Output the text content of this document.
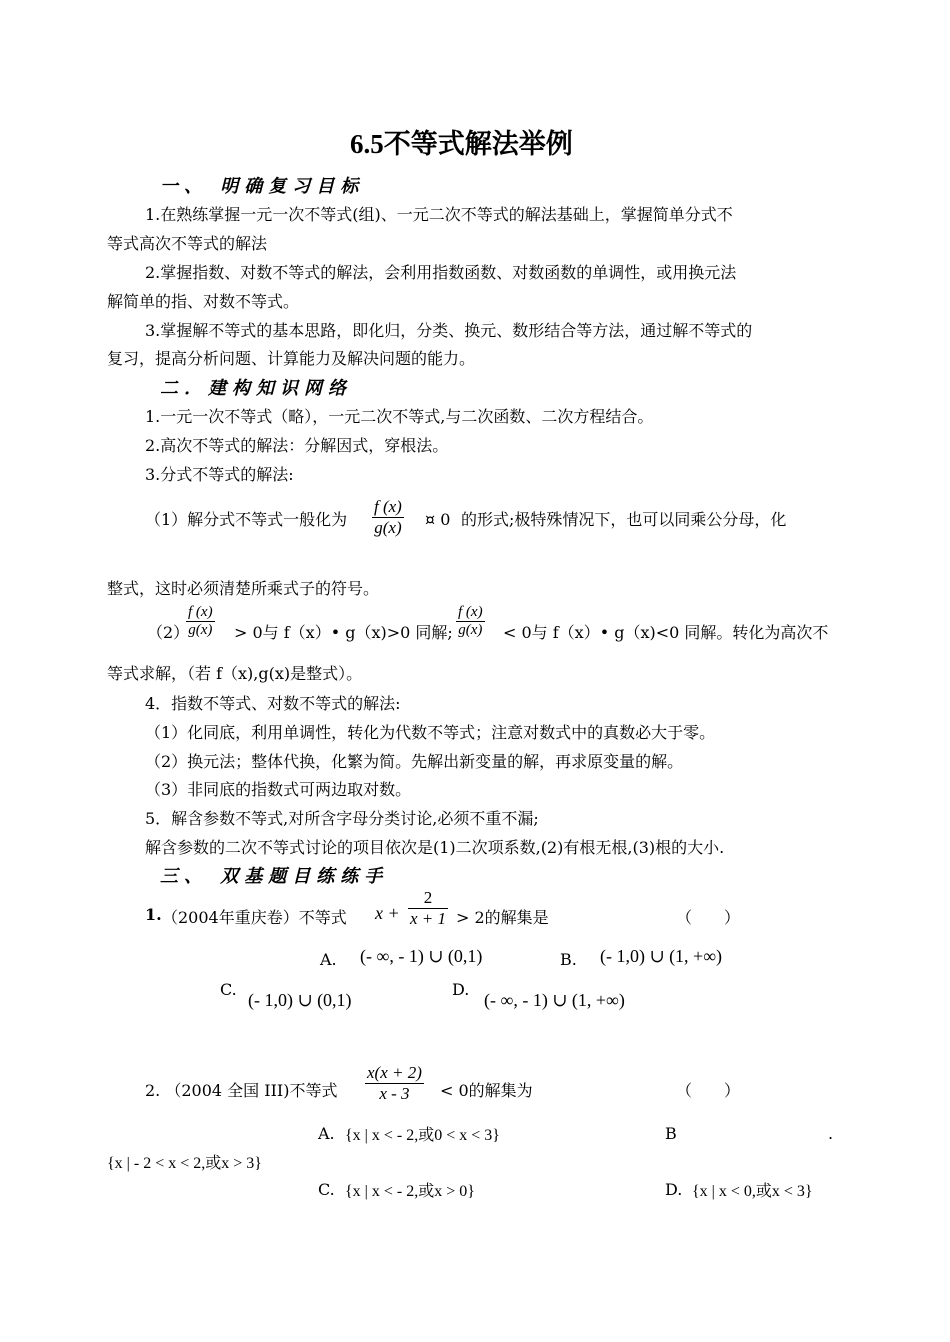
6.5不等式解法举例
一、 明确复习目标
1.在熟练掌握一元一次不等式(组)、一元二次不等式的解法基础上，掌握简单分式不
等式高次不等式的解法
2.掌握指数、对数不等式的解法，会利用指数函数、对数函数的单调性，或用换元法
解简单的指、对数不等式。
3.掌握解不等式的基本思路，即化归，分类、换元、数形结合等方法，通过解不等式的
复习，提高分析问题、计算能力及解决问题的能力。
二．建构知识网络
1.一元一次不等式（略），一元二次不等式,与二次函数、二次方程结合。
2.高次不等式的解法：分解因式，穿根法。
3.分式不等式的解法:
（1）解分式不等式一般化为
f (x)
g(x) ¤ 0 的形式;极特殊情况下，也可以同乘公分母，化
整式，这时必须清楚所乘式子的符号。
（2）
f (x)
g(x) > 0与 f（x）• g（x)>0 同解;
f (x)
g(x) < 0与 f（x）• g（x)<0 同解。转化为高次不
等式求解，（若 f（x),g(x)是整式）。
4．指数不等式、对数不等式的解法:
（1）化同底，利用单调性，转化为代数不等式；注意对数式中的真数必大于零。
（2）换元法；整体代换，化繁为简。先解出新变量的解，再求原变量的解。
（3）非同底的指数式可两边取对数。
5．解含参数不等式,对所含字母分类讨论,必须不重不漏;
解含参数的二次不等式讨论的项目依次是(1)二次项系数,(2)有根无根,(3)根的大小.
三、 双基题目练练手
1. （2004年重庆卷）不等式 x +
2
x + 1 > 2的解集是	（　　）
A. (- ∞, - 1) ∪ (0,1)	B. (- 1,0) ∪ (1, +∞)
C.
(- 1,0) ∪ (0,1)
D.
(- ∞, - 1) ∪ (1, +∞)
2. （2004 全国 III)不等式
x(x + 2)
x - 3	< 0的解集为	（　　）
A. {x | x < - 2,或0 < x < 3}	B	.
{x | - 2 < x < 2,或x > 3}
C. {x | x < - 2,或x > 0}	D. {x | x < 0,或x < 3}
